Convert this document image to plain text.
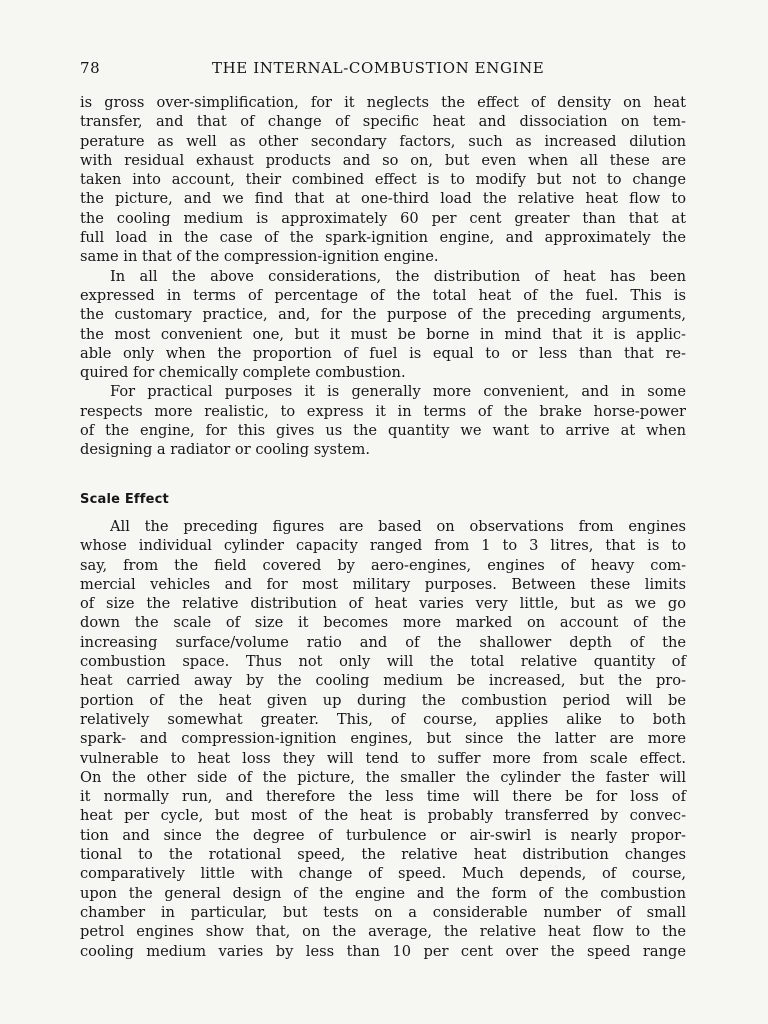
78	THE INTERNAL-COMBUSTION ENGINE
is gross over-simplification, for it neglects the effect of density on heat
transfer, and that of change of specific heat and dissociation on tem-
perature as well as other secondary factors, such as increased dilution
with residual exhaust products and so on, but even when all these are
taken into account, their combined effect is to modify but not to change
the picture, and we find that at one-third load the relative heat flow to
the cooling medium is approximately 60 per cent greater than that at
full load in the case of the spark-ignition engine, and approximately the
same in that of the compression-ignition engine.
In all the above considerations, the distribution of heat has been
expressed in terms of percentage of the total heat of the fuel. This is
the customary practice, and, for the purpose of the preceding arguments,
the most convenient one, but it must be borne in mind that it is applic-
able only when the proportion of fuel is equal to or less than that re-
quired for chemically complete combustion.
For practical purposes it is generally more convenient, and in some
respects more realistic, to express it in terms of the brake horse-power
of the engine, for this gives us the quantity we want to arrive at when
designing a radiator or cooling system.
Scale Effect
All the preceding figures are based on observations from engines
whose individual cylinder capacity ranged from 1 to 3 litres, that is to
say, from the field covered by aero-engines, engines of heavy com-
mercial vehicles and for most military purposes. Between these limits
of size the relative distribution of heat varies very little, but as we go
down the scale of size it becomes more marked on account of the
increasing surface/volume ratio and of the shallower depth of the
combustion space. Thus not only will the total relative quantity of
heat carried away by the cooling medium be increased, but the pro-
portion of the heat given up during the combustion period will be
relatively somewhat greater. This, of course, applies alike to both
spark- and compression-ignition engines, but since the latter are more
vulnerable to heat loss they will tend to suffer more from scale effect.
On the other side of the picture, the smaller the cylinder the faster will
it normally run, and therefore the less time will there be for loss of
heat per cycle, but most of the heat is probably transferred by convec-
tion and since the degree of turbulence or air-swirl is nearly propor-
tional to the rotational speed, the relative heat distribution changes
comparatively little with change of speed. Much depends, of course,
upon the general design of the engine and the form of the combustion
chamber in particular, but tests on a considerable number of small
petrol engines show that, on the average, the relative heat flow to the
cooling medium varies by less than 10 per cent over the speed range
